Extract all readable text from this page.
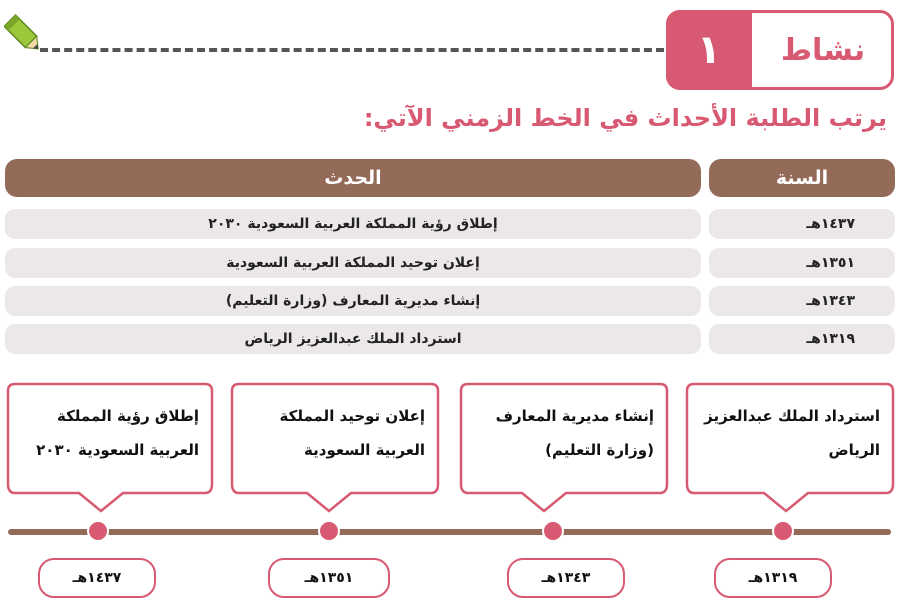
١	نشاط
يرتب الطلبة الأحداث في الخط الزمني الآتي:
السنة
الحدث
١٤٣٧هـ
إطلاق رؤية المملكة العربية السعودية ٢٠٣٠
١٣٥١هـ
إعلان توحيد المملكة العربية السعودية
١٣٤٣هـ
إنشاء مديرية المعارف (وزارة التعليم)
١٣١٩هـ
استرداد الملك عبدالعزيز الرياض
إطلاق رؤية المملكة
العربية السعودية ٢٠٣٠
إعلان توحيد المملكة
العربية السعودية
إنشاء مديرية المعارف
(وزارة التعليم)
استرداد الملك عبدالعزيز
الرياض
١٤٣٧هـ	١٣٥١هـ	١٣٤٣هـ	١٣١٩هـ
